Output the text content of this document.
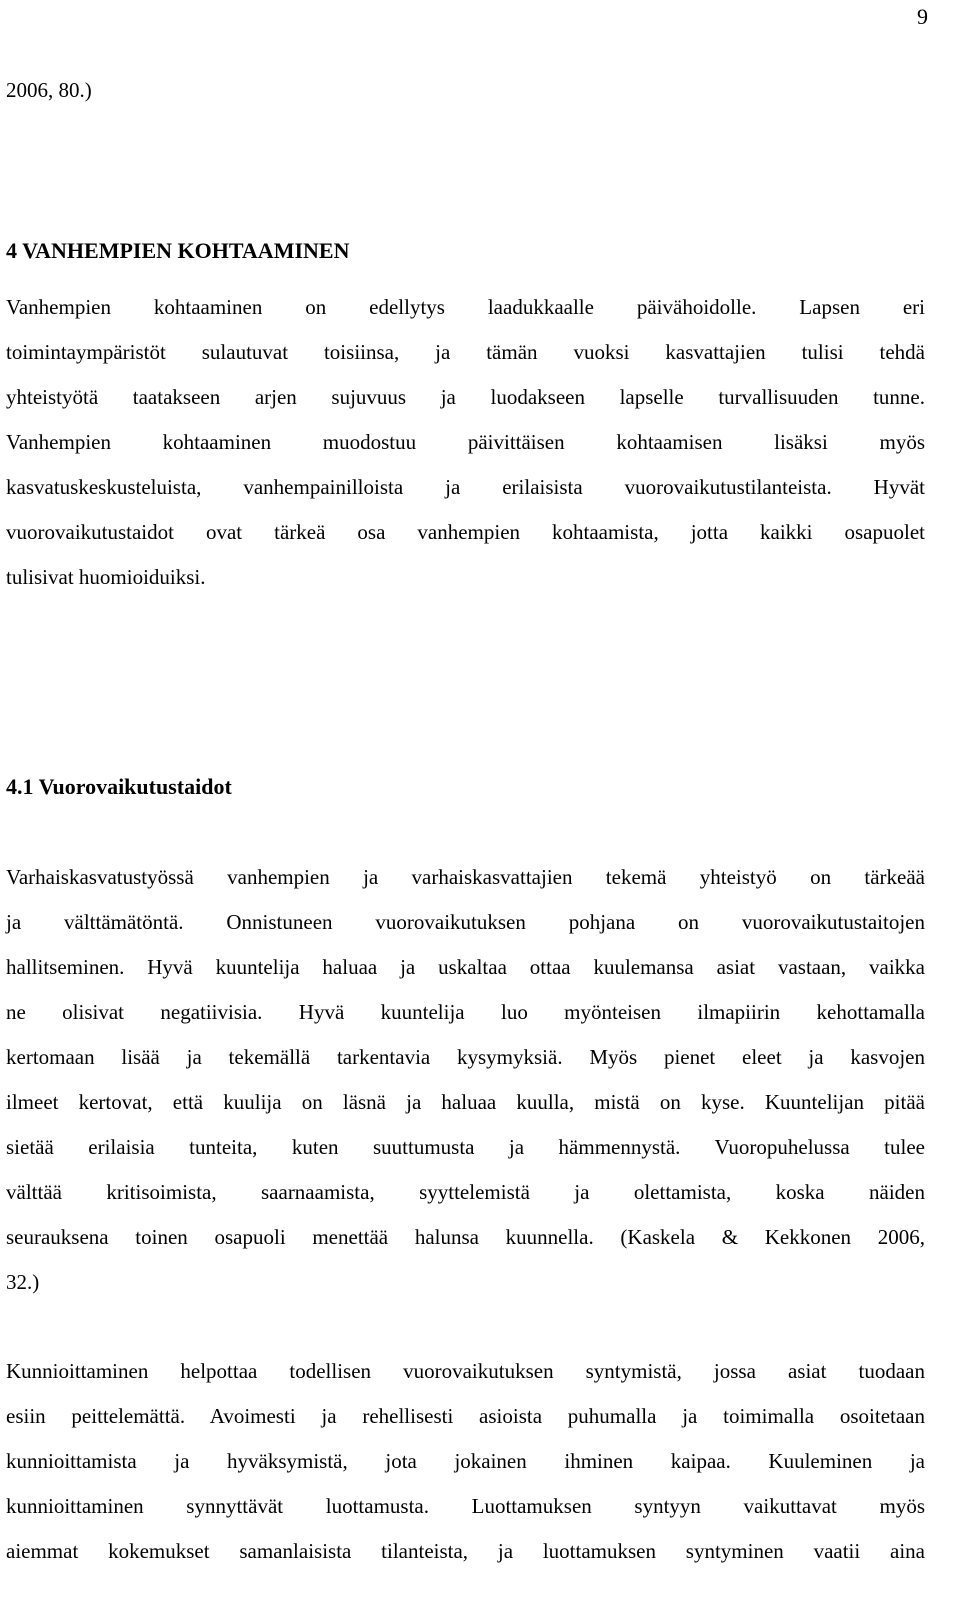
9
2006, 80.)
4 VANHEMPIEN KOHTAAMINEN
Vanhempien kohtaaminen on edellytys laadukkaalle päivähoidolle. Lapsen eri
toimintaympäristöt sulautuvat toisiinsa, ja tämän vuoksi kasvattajien tulisi tehdä
yhteistyötä taatakseen arjen sujuvuus ja luodakseen lapselle turvallisuuden tunne.
Vanhempien kohtaaminen muodostuu päivittäisen kohtaamisen lisäksi myös
kasvatuskeskusteluista, vanhempainilloista ja erilaisista vuorovaikutustilanteista. Hyvät
vuorovaikutustaidot ovat tärkeä osa vanhempien kohtaamista, jotta kaikki osapuolet
tulisivat huomioiduiksi.
4.1 Vuorovaikutustaidot
Varhaiskasvatustyössä vanhempien ja varhaiskasvattajien tekemä yhteistyö on tärkeää
ja välttämätöntä. Onnistuneen vuorovaikutuksen pohjana on vuorovaikutustaitojen
hallitseminen. Hyvä kuuntelija haluaa ja uskaltaa ottaa kuulemansa asiat vastaan, vaikka
ne olisivat negatiivisia. Hyvä kuuntelija luo myönteisen ilmapiirin kehottamalla
kertomaan lisää ja tekemällä tarkentavia kysymyksiä. Myös pienet eleet ja kasvojen
ilmeet kertovat, että kuulija on läsnä ja haluaa kuulla, mistä on kyse. Kuuntelijan pitää
sietää erilaisia tunteita, kuten suuttumusta ja hämmennystä. Vuoropuhelussa tulee
välttää kritisoimista, saarnaamista, syyttelemistä ja olettamista, koska näiden
seurauksena toinen osapuoli menettää halunsa kuunnella. (Kaskela & Kekkonen 2006,
32.)
Kunnioittaminen helpottaa todellisen vuorovaikutuksen syntymistä, jossa asiat tuodaan
esiin peittelemättä. Avoimesti ja rehellisesti asioista puhumalla ja toimimalla osoitetaan
kunnioittamista ja hyväksymistä, jota jokainen ihminen kaipaa. Kuuleminen ja
kunnioittaminen synnyttävät luottamusta. Luottamuksen syntyyn vaikuttavat myös
aiemmat kokemukset samanlaisista tilanteista, ja luottamuksen syntyminen vaatii aina
